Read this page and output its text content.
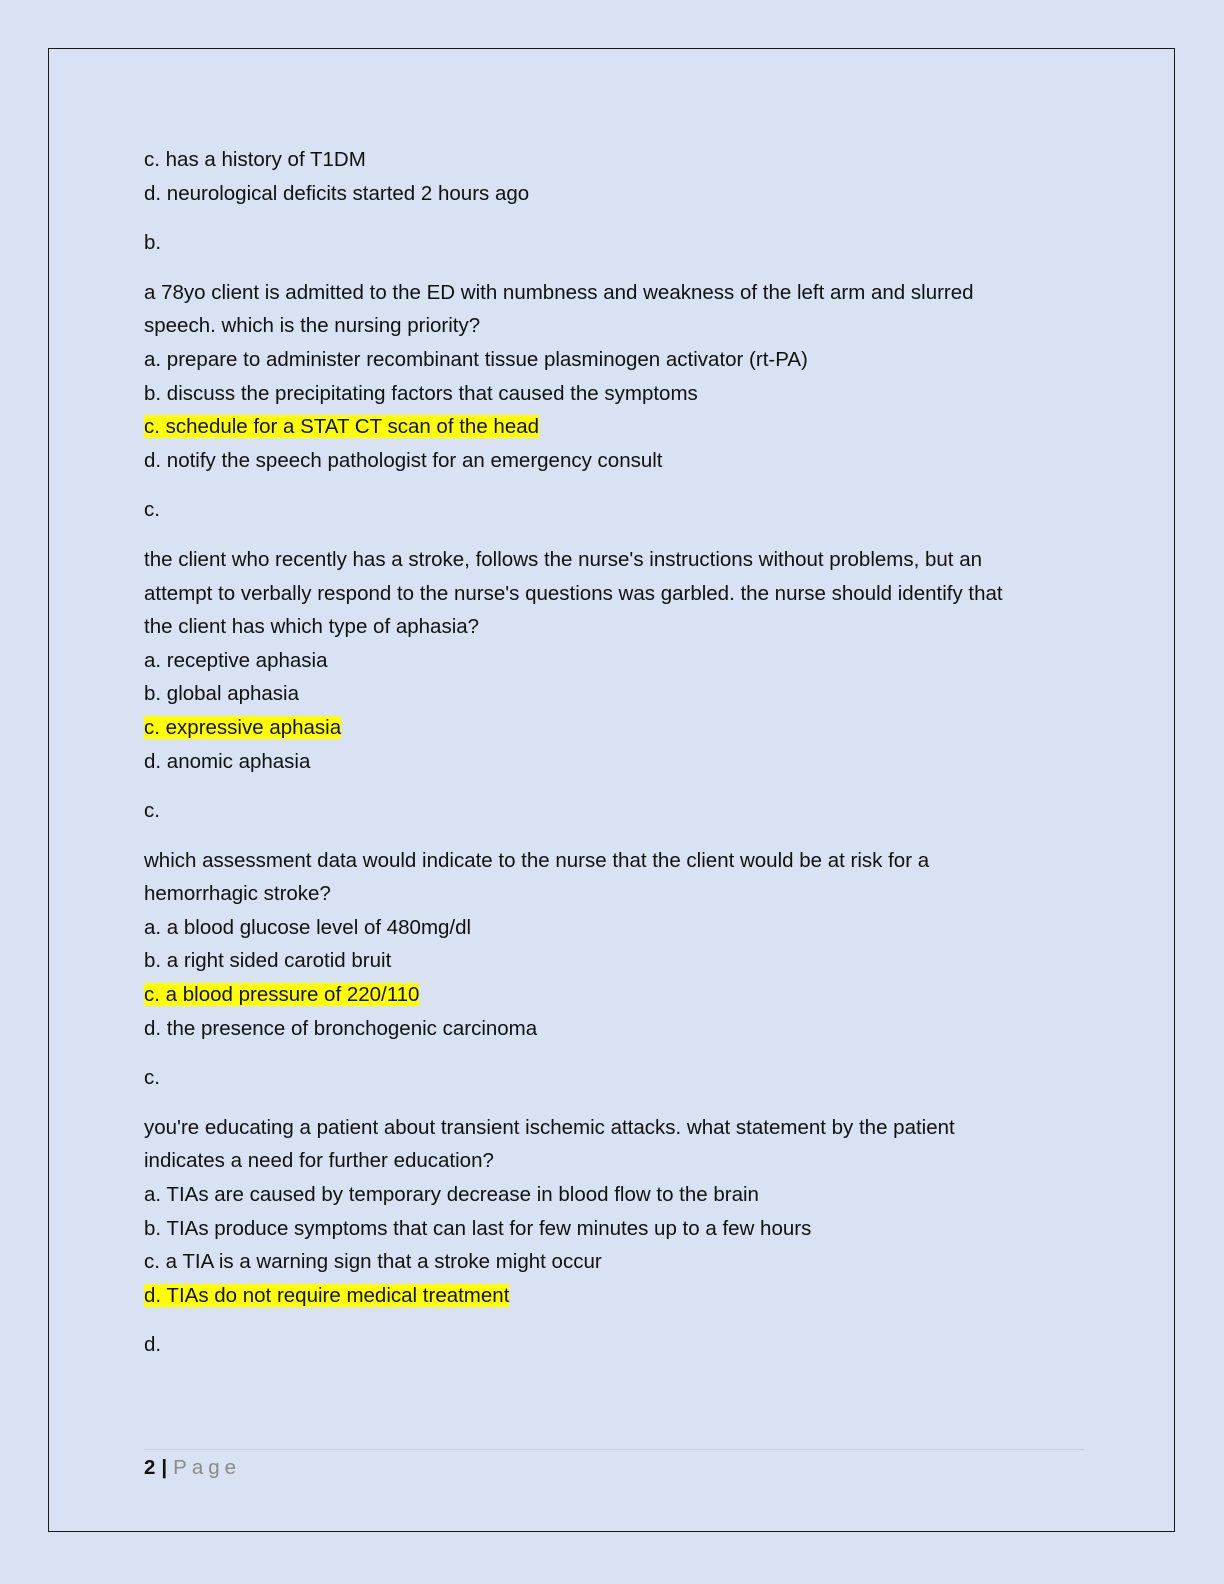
c. has a history of T1DM
d. neurological deficits started 2 hours ago
b.
a 78yo client is admitted to the ED with numbness and weakness of the left arm and slurred
speech. which is the nursing priority?
a. prepare to administer recombinant tissue plasminogen activator (rt-PA)
b. discuss the precipitating factors that caused the symptoms
c. schedule for a STAT CT scan of the head
d. notify the speech pathologist for an emergency consult
c.
the client who recently has a stroke, follows the nurse's instructions without problems, but an
attempt to verbally respond to the nurse's questions was garbled. the nurse should identify that
the client has which type of aphasia?
a. receptive aphasia
b. global aphasia
c. expressive aphasia
d. anomic aphasia
c.
which assessment data would indicate to the nurse that the client would be at risk for a
hemorrhagic stroke?
a. a blood glucose level of 480mg/dl
b. a right sided carotid bruit
c. a blood pressure of 220/110
d. the presence of bronchogenic carcinoma
c.
you're educating a patient about transient ischemic attacks. what statement by the patient
indicates a need for further education?
a. TIAs are caused by temporary decrease in blood flow to the brain
b. TIAs produce symptoms that can last for few minutes up to a few hours
c. a TIA is a warning sign that a stroke might occur
d. TIAs do not require medical treatment
d.
2 | Page
